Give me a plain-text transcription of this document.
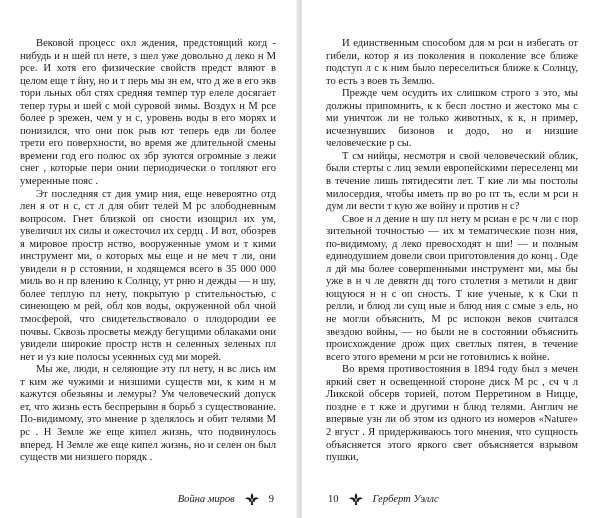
Вековой процесс охл ждения, предстоящий когд - нибудь и н шей пл нете, з шел уже довольно д леко н М рсе. И хотя его физические свойств предст вляют в целом еще т йну, но и т перь мы зн ем, что д же в его экв тори льных обл стях средняя темпер тур елеле досягает тепер туры и шей с мой суровой зимы. Воздух н М рсе более р зрежен, чем у н с, уровень воды в его морях и понизился, что они пок рыв ют теперь едв ли более трети его поверхности, во время же длительной смены времени год его полюс ох збр зуются огромные з лежи снег , которые пери онии периодически о топляют его умеренные пояс .

Эт последняя ст дия умир ния, еще невероятно отд лен я от н с, ст л для обит телей М рс злободневным вопросом. Гнет близкой оп сности изощрил их ум, увеличил их силы и ожесточил их сердц . И вот, обозрев я мировое простр нство, вооруженные умом и т кими инструмент ми, о которых мы еще и не меч т ли, они увидели н р сстоянии, н ходящемся всего в 35 000 000 миль во н пр влению к Солнцу, ут рню н дежды — н шу, более теплую пл нету, покрытую р стительностью, с синеющею м рей, обл ков воды, окруженной обл чной тмосферой, что свидетельствовало о плодородии ее почвы. Сквозь просветы между бегущими облаками они увидели широкие простр нств н селенных зеленых пл нет и уз кие полосы усеянных суд ми морей.

Мы же, люди, н селяющие эту пл нету, н вс лись им т ким же чужими и низшими существ ми, к ким н м кажутся обезьяны и лемуры? Ум человеческий допуск ет, что жизнь есть беспрерывн я борьб з существование. По-видимому, это мнение р зделялось и обит телями М рс . Н Земле же еще кипел жизнь, что подвинулось вперед. Н Земле же еще кипел жизнь, но и селен он был существ ми низшего порядк .

Война миров	9

И единственным способом для м рси н избегать от гибели, котор я из поколения в поколение все ближе подступ л с к ним было переселиться ближе к Солнцу, то есть з воев ть Землю.

Прежде чем осудить их слишком строго з это, мы должны припомнить, к к бесп лостно и жестоко мы с ми уничтож ли не только животных, к к, н пример, исчезнувших бизонов и додо, но и низшие человеческие р сы.

Т см нийцы, несмотря н свой человеческий облик, были стерты с лиц земли европейскими переселенц ми в течение лишь пятидесяти лет. Т кие ли мы постолы милосердия, чтобы иметь пр во ро пт ть, если м рси н дум ли вести т кую же войну и против н с?

Свое н л дение н шу пл нету м рсиан е рс ч ли с пор зительной точностью — их м тематические позн ния, по-видимому, д леко превосходят н ши! — и полным единодушием довели свои приготовления до конц . Оде л дй мы более совершенными инструмент ми, мы бы уже в н ч ле девятн дц того столетия з метили н двиг ющуюся н н с оп сность. Т кие ученые, к к Ски п релли, и блюд ли сущ ные н блюд ния с смые з ель, но не могли объяснить, М рс испокон веков считался звездою войны, — но были не в состоянии объяснить происхождение дрож щих светлых пятен, в течение всего этого времени м рси не готовились к войне.

Во время противостояния в 1894 году был з мечен яркий свет н освещенной стороне диск М рс , сч ч л Ликской обсерв торией, потом Перретином в Ницце, поздне е т кже и другими н блюд телями. Англич не впервые узн ли об этом из одного из номеров «Nature» 2 вгуст . Я придерживаюсь того мнения, что сущность объясняется этого яркого свет объясняется взрывом пушки,

10	Герберт Уэллс
